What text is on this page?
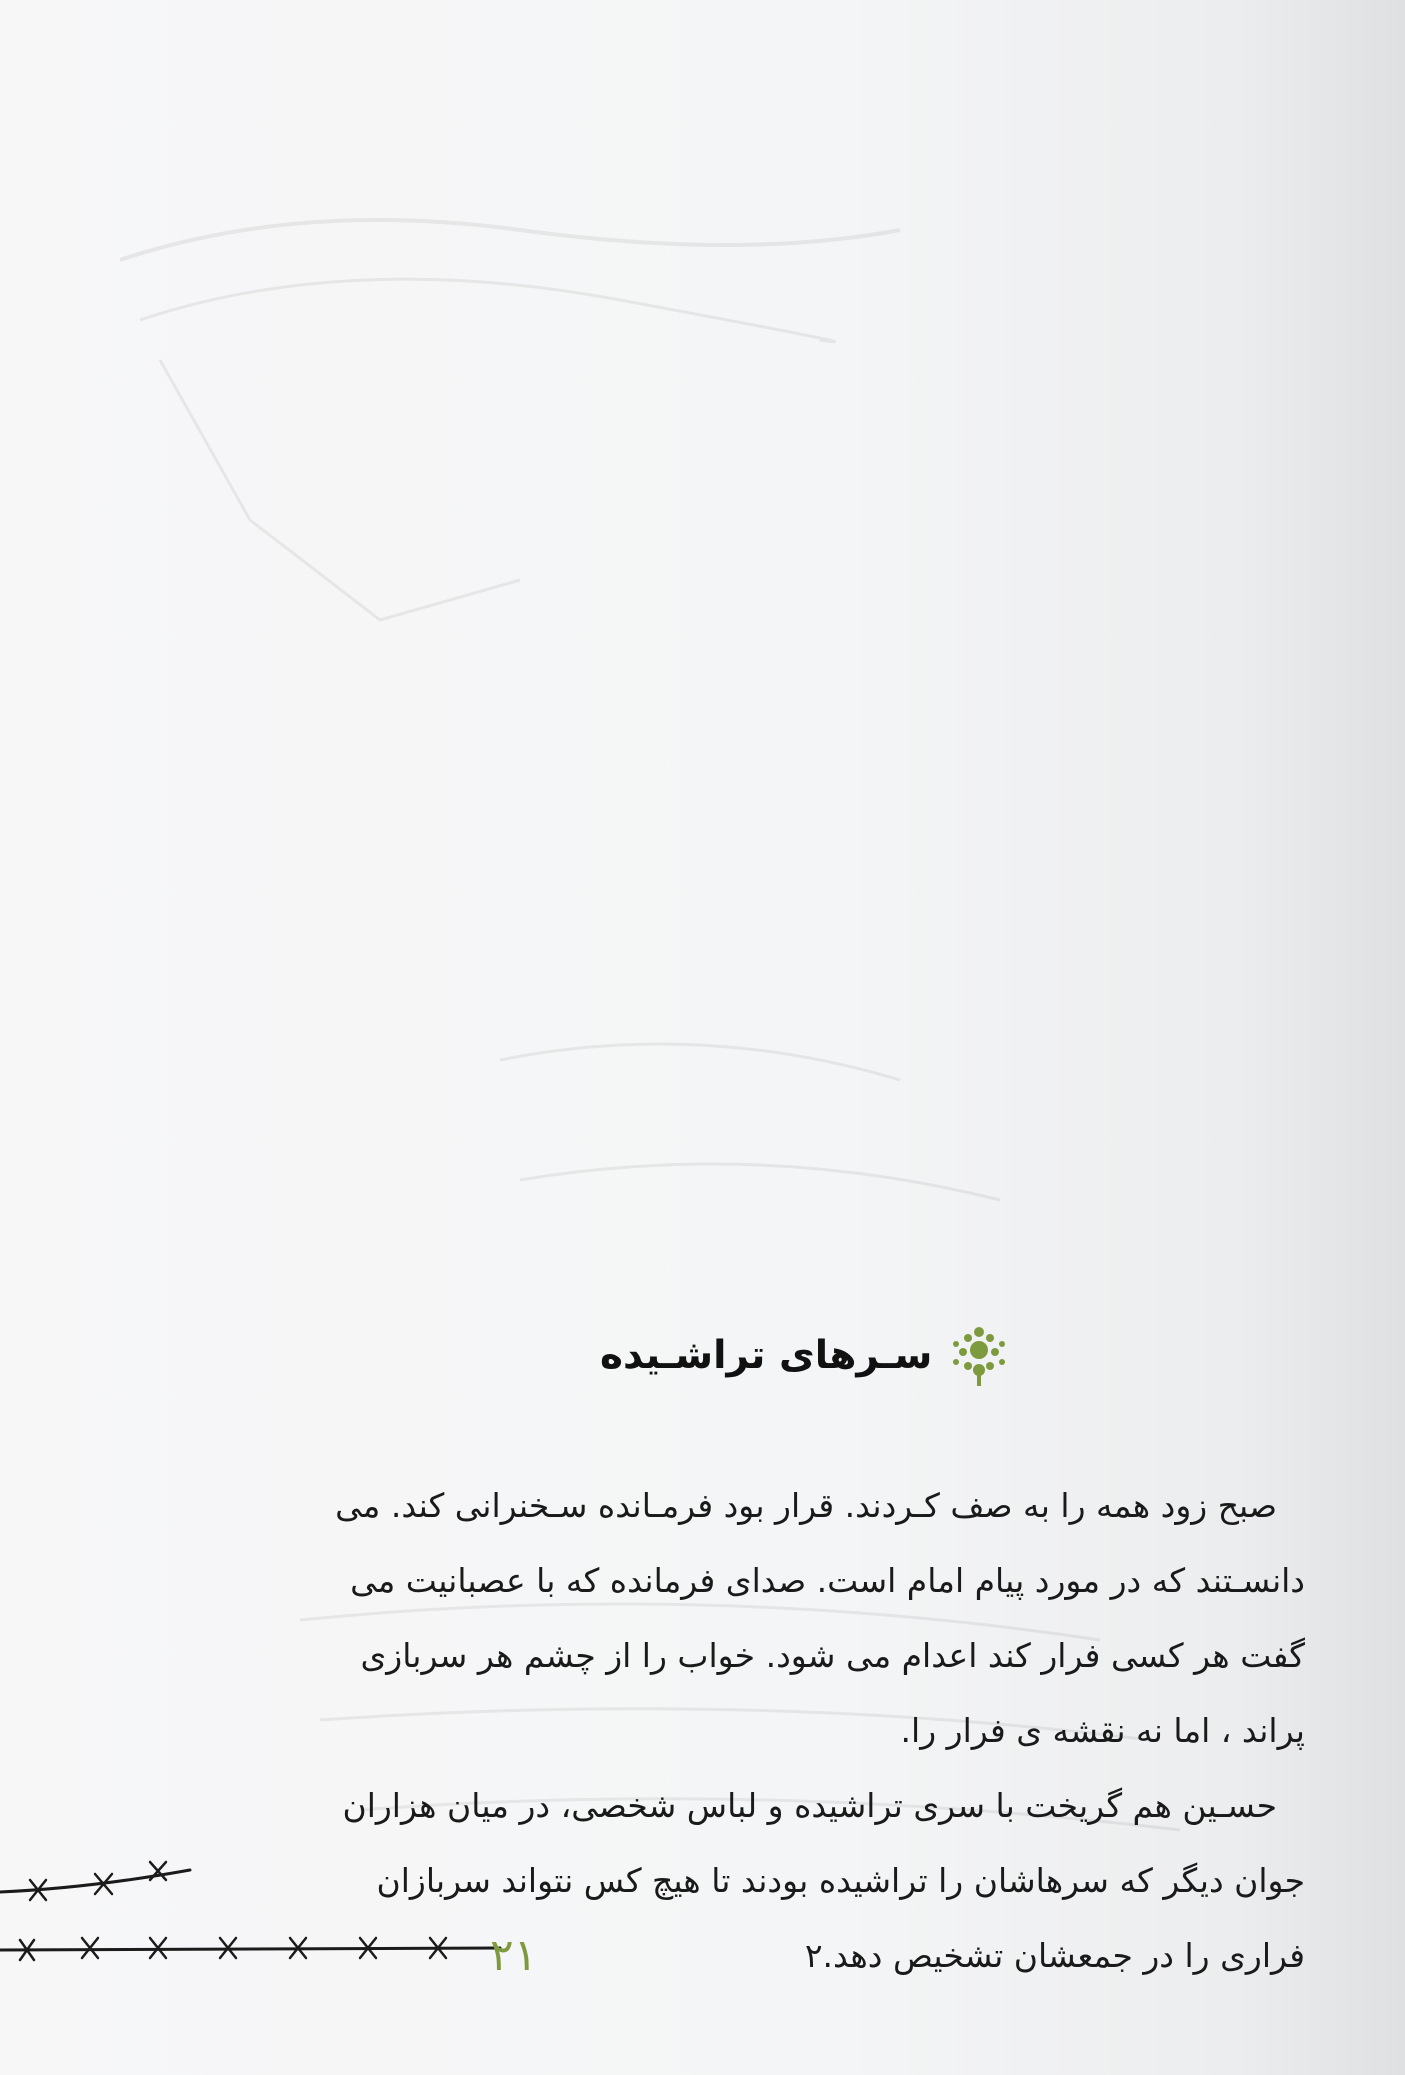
سـرهای تراشـیده

صبح زود همه را به صف کـردند. قرار بود فرمـانده سـخنرانی کند. می دانسـتند که در مورد پیام امام است. صدای فرمانده که با عصبانیت می گفت هر کسی فرار کند اعدام می شود. خواب را از چشم هر سربازی پراند ، اما نه نقشه ی فرار را.

حسـین هم گریخت با سری تراشیده و لباس شخصی، در میان هزاران جوان دیگر که سرهاشان را تراشیده بودند تا هیچ کس نتواند سربازان فراری را در جمعشان تشخیص دهد.۲

۲۱
